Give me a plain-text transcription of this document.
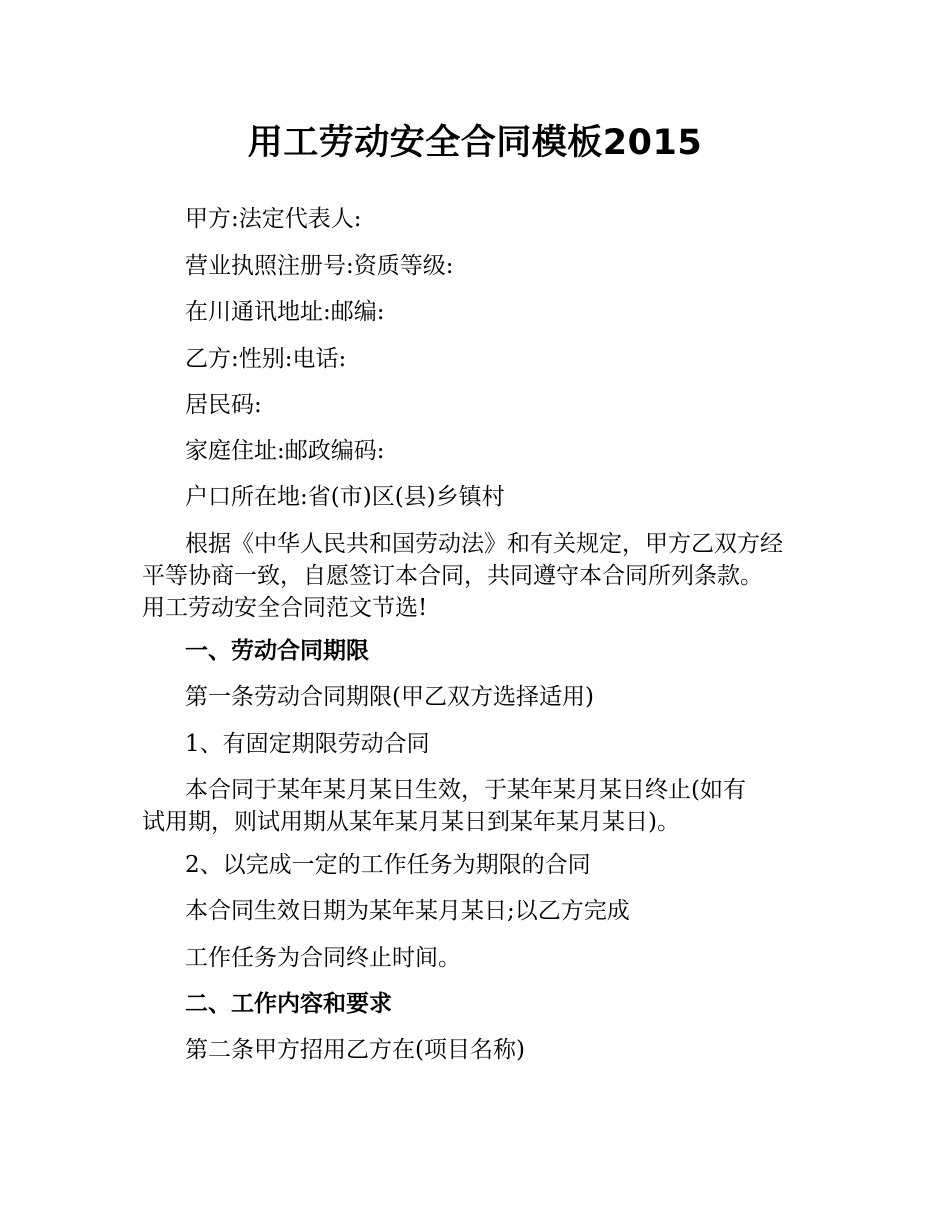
用工劳动安全合同模板2015

甲方:法定代表人:

营业执照注册号:资质等级:

在川通讯地址:邮编:

乙方:性别:电话:

居民码:

家庭住址:邮政编码:

户口所在地:省(市)区(县)乡镇村

根据《中华人民共和国劳动法》和有关规定，甲方乙双方经
平等协商一致，自愿签订本合同，共同遵守本合同所列条款。
用工劳动安全合同范文节选!

一、劳动合同期限

第一条劳动合同期限(甲乙双方选择适用)

1、有固定期限劳动合同

本合同于某年某月某日生效，于某年某月某日终止(如有
试用期，则试用期从某年某月某日到某年某月某日)。

2、以完成一定的工作任务为期限的合同

本合同生效日期为某年某月某日;以乙方完成

工作任务为合同终止时间。

二、工作内容和要求

第二条甲方招用乙方在(项目名称)
